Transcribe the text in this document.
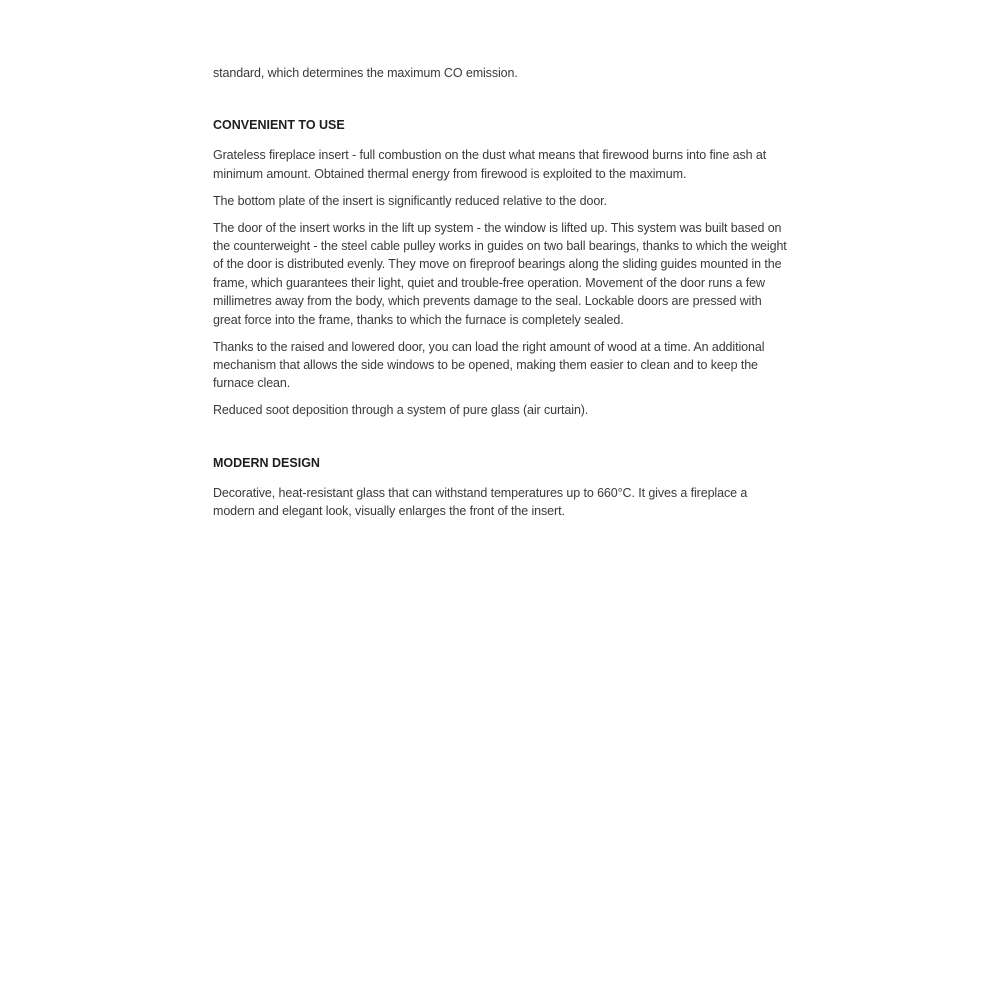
standard, which determines the maximum CO emission.

CONVENIENT TO USE

Grateless fireplace insert - full combustion on the dust what means that firewood burns into fine ash at minimum amount. Obtained thermal energy from firewood is exploited to the maximum.

The bottom plate of the insert is significantly reduced relative to the door.

The door of the insert works in the lift up system - the window is lifted up. This system was built based on the counterweight - the steel cable pulley works in guides on two ball bearings, thanks to which the weight of the door is distributed evenly. They move on fireproof bearings along the sliding guides mounted in the frame, which guarantees their light, quiet and trouble-free operation. Movement of the door runs a few millimetres away from the body, which prevents damage to the seal. Lockable doors are pressed with great force into the frame, thanks to which the furnace is completely sealed.

Thanks to the raised and lowered door, you can load the right amount of wood at a time. An additional mechanism that allows the side windows to be opened, making them easier to clean and to keep the furnace clean.

Reduced soot deposition through a system of pure glass (air curtain).

MODERN DESIGN

Decorative, heat-resistant glass that can withstand temperatures up to 660°C. It gives a fireplace a modern and elegant look, visually enlarges the front of the insert.
